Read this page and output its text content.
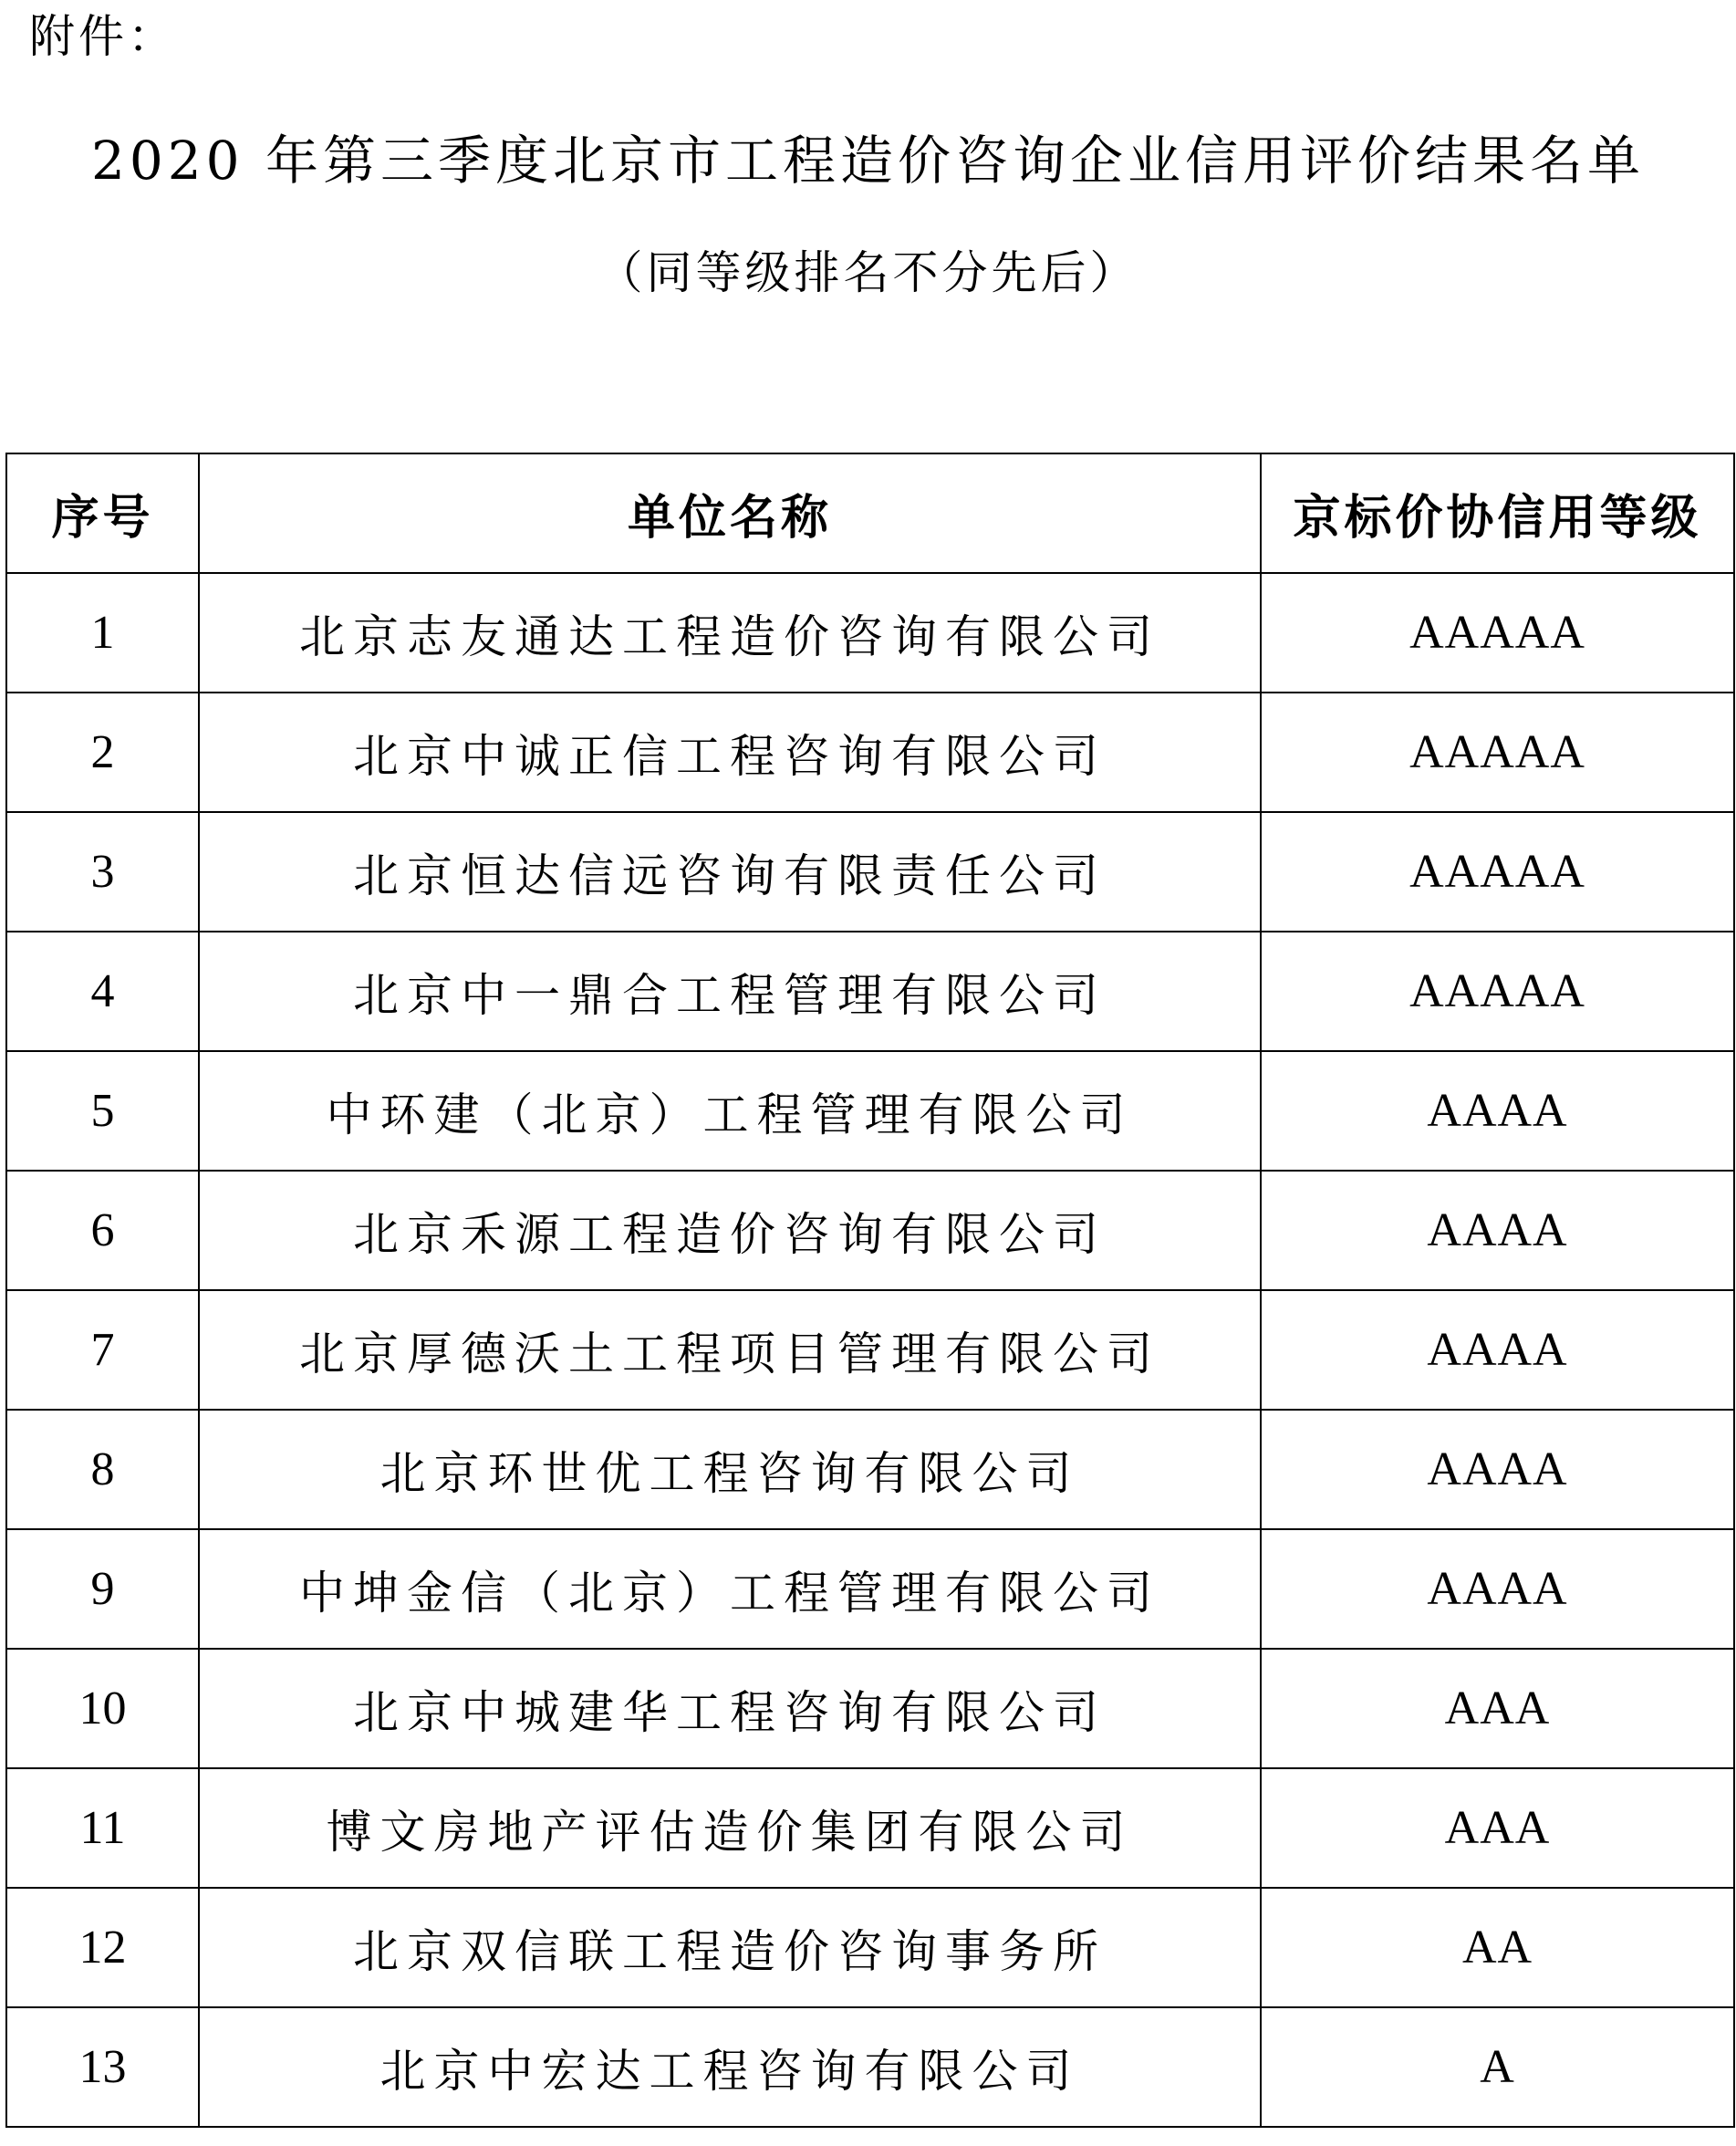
附件：
2020 年第三季度北京市工程造价咨询企业信用评价结果名单
（同等级排名不分先后）
序号	单位名称	京标价协信用等级
1	北京志友通达工程造价咨询有限公司	AAAAA
2	北京中诚正信工程咨询有限公司	AAAAA
3	北京恒达信远咨询有限责任公司	AAAAA
4	北京中一鼎合工程管理有限公司	AAAAA
5	中环建（北京）工程管理有限公司	AAAA
6	北京禾源工程造价咨询有限公司	AAAA
7	北京厚德沃土工程项目管理有限公司	AAAA
8	北京环世优工程咨询有限公司	AAAA
9	中坤金信（北京）工程管理有限公司	AAAA
10	北京中城建华工程咨询有限公司	AAA
11	博文房地产评估造价集团有限公司	AAA
12	北京双信联工程造价咨询事务所	AA
13	北京中宏达工程咨询有限公司	A
